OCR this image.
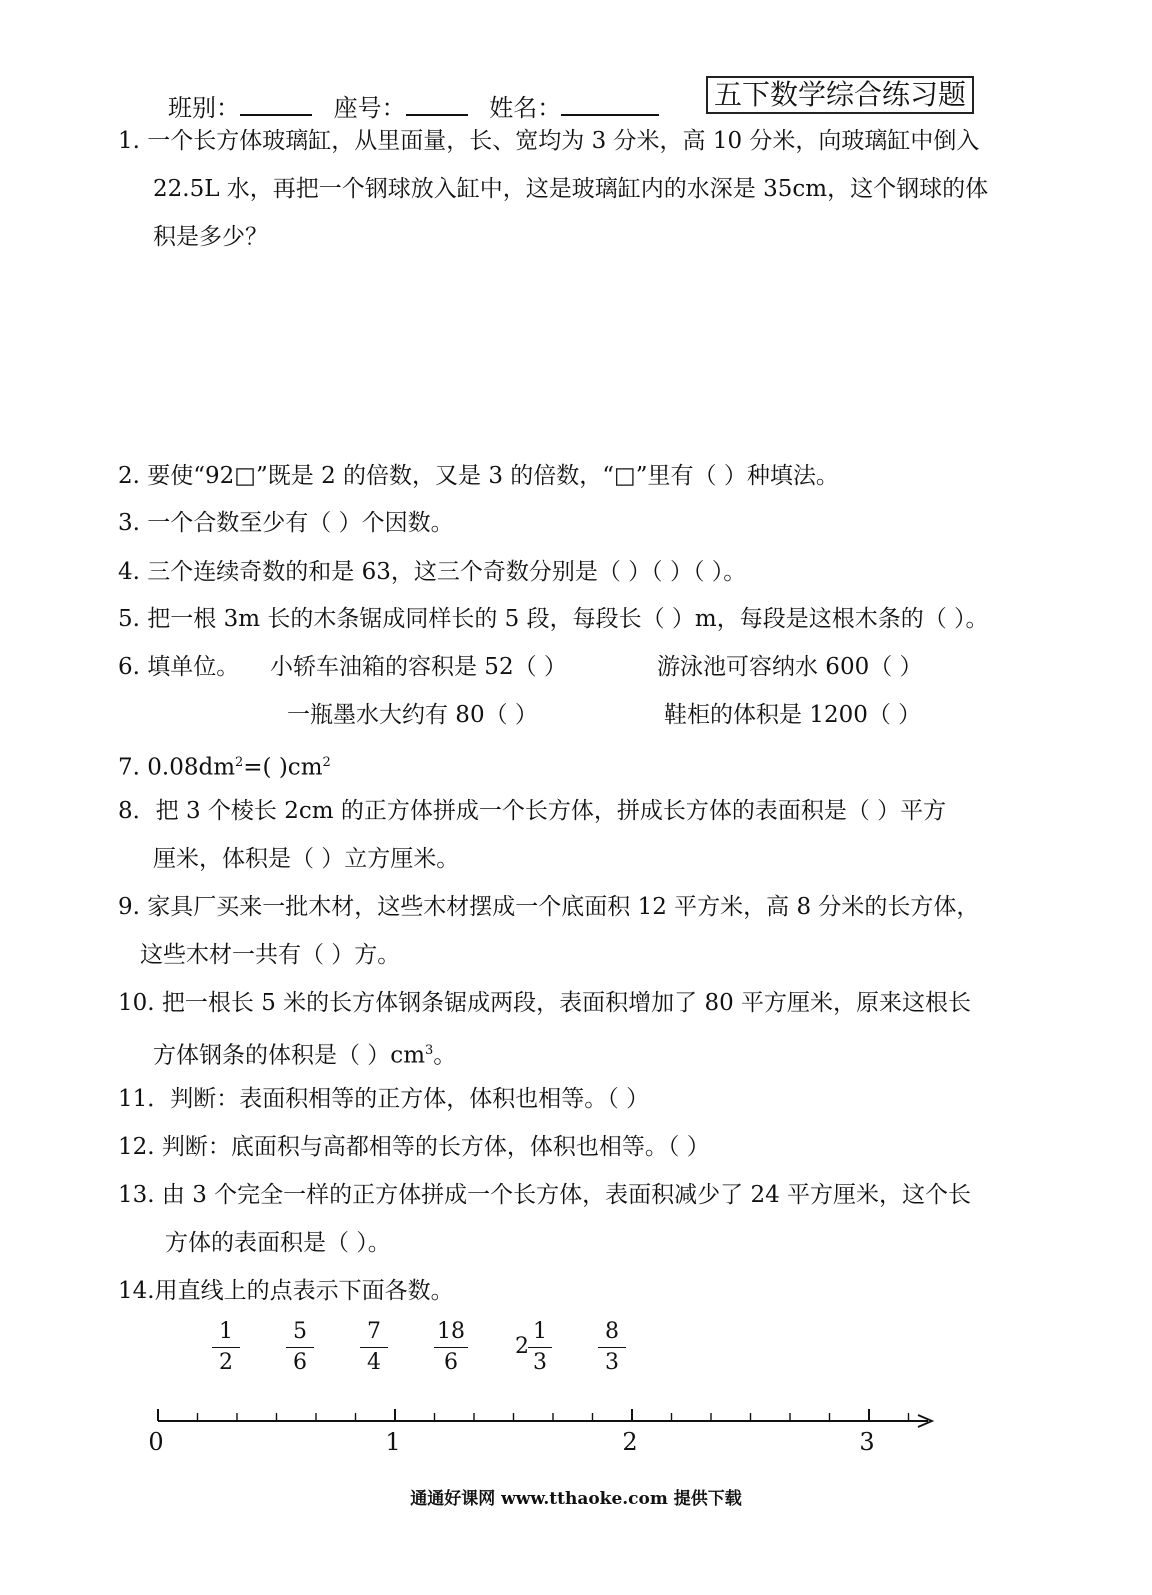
五下数学综合练习题
班别：	座号：	姓名：
1. 一个长方体玻璃缸，从里面量，长、宽均为 3 分米，高 10 分米，向玻璃缸中倒入
22.5L 水，再把一个钢球放入缸中，这是玻璃缸内的水深是 35cm，这个钢球的体
积是多少？
2. 要使“92□”既是 2 的倍数，又是 3 的倍数，“□”里有（ ）种填法。
3. 一个合数至少有（ ）个因数。
4. 三个连续奇数的和是 63，这三个奇数分别是（ ）（ ）（ ）。
5. 把一根 3m 长的木条锯成同样长的 5 段，每段长（ ）m，每段是这根木条的（ ）。
6. 填单位。 小轿车油箱的容积是 52（ ）	游泳池可容纳水 600（ ）
一瓶墨水大约有 80（ ）	鞋柜的体积是 1200（ ）
7. $0.08dm^2=$( )$cm^2$
8．把 3 个棱长 2cm 的正方体拼成一个长方体，拼成长方体的表面积是（ ）平方
厘米，体积是（ ）立方厘米。
9. 家具厂买来一批木材，这些木材摆成一个底面积 12 平方米，高 8 分米的长方体，
这些木材一共有（ ）方。
10. 把一根长 5 米的长方体钢条锯成两段，表面积增加了 80 平方厘米，原来这根长
方体钢条的体积是（ ）$cm^3$。
11．判断：表面积相等的正方体，体积也相等。（ ）
12. 判断：底面积与高都相等的长方体，体积也相等。（ ）
13. 由 3 个完全一样的正方体拼成一个长方体，表面积减少了 24 平方厘米，这个长
方体的表面积是（ ）。
14.用直线上的点表示下面各数。
1
2
5
6
7
4
18
6
2
1
3
8
3
0	1	2	3
通通好课网 www.tthaoke.com 提供下载
